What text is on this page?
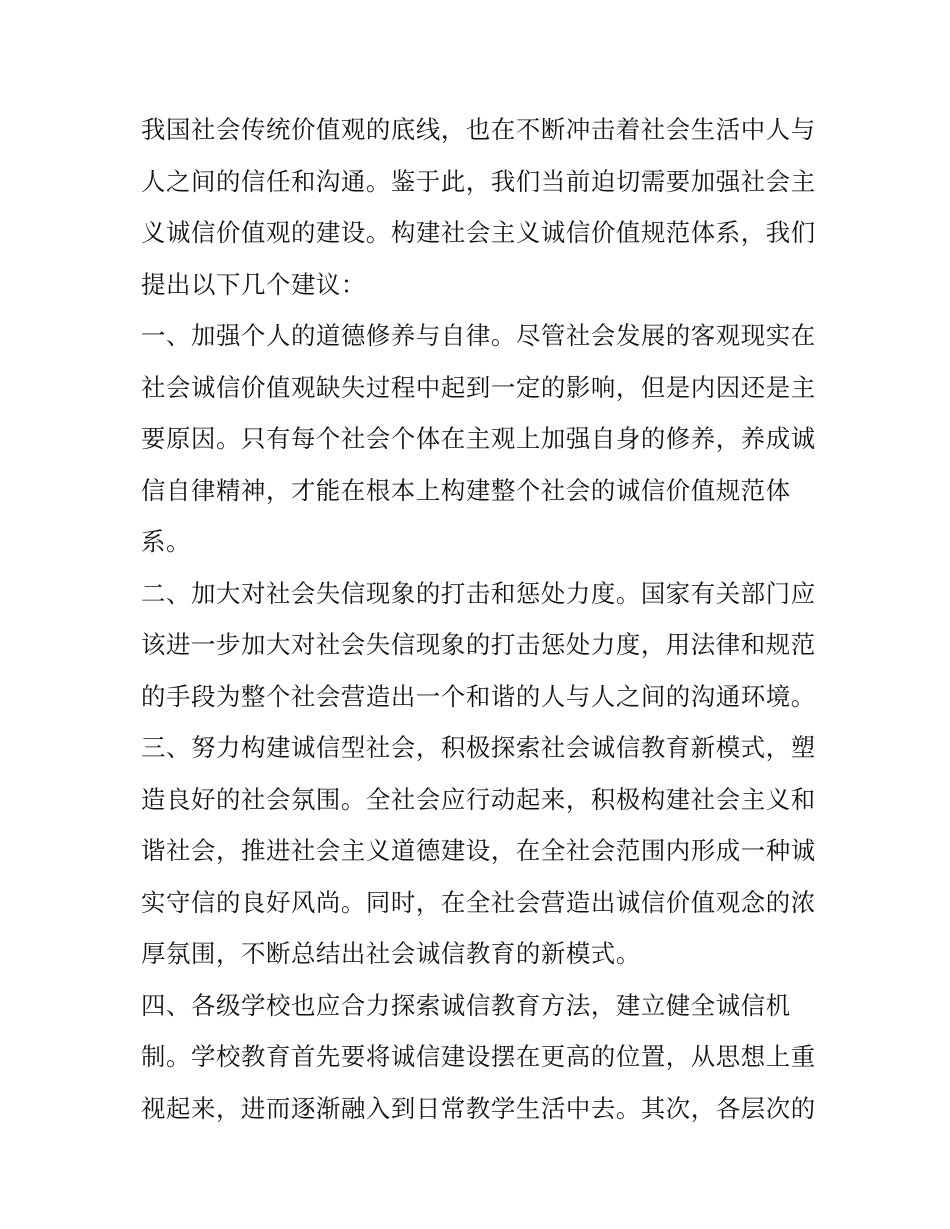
我国社会传统价值观的底线，也在不断冲击着社会生活中人与
人之间的信任和沟通。鉴于此，我们当前迫切需要加强社会主
义诚信价值观的建设。构建社会主义诚信价值规范体系，我们
提出以下几个建议：
一、加强个人的道德修养与自律。尽管社会发展的客观现实在
社会诚信价值观缺失过程中起到一定的影响，但是内因还是主
要原因。只有每个社会个体在主观上加强自身的修养，养成诚
信自律精神，才能在根本上构建整个社会的诚信价值规范体
系。
二、加大对社会失信现象的打击和惩处力度。国家有关部门应
该进一步加大对社会失信现象的打击惩处力度，用法律和规范
的手段为整个社会营造出一个和谐的人与人之间的沟通环境。
三、努力构建诚信型社会，积极探索社会诚信教育新模式，塑
造良好的社会氛围。全社会应行动起来，积极构建社会主义和
谐社会，推进社会主义道德建设，在全社会范围内形成一种诚
实守信的良好风尚。同时，在全社会营造出诚信价值观念的浓
厚氛围，不断总结出社会诚信教育的新模式。
四、各级学校也应合力探索诚信教育方法，建立健全诚信机
制。学校教育首先要将诚信建设摆在更高的位置，从思想上重
视起来，进而逐渐融入到日常教学生活中去。其次，各层次的
